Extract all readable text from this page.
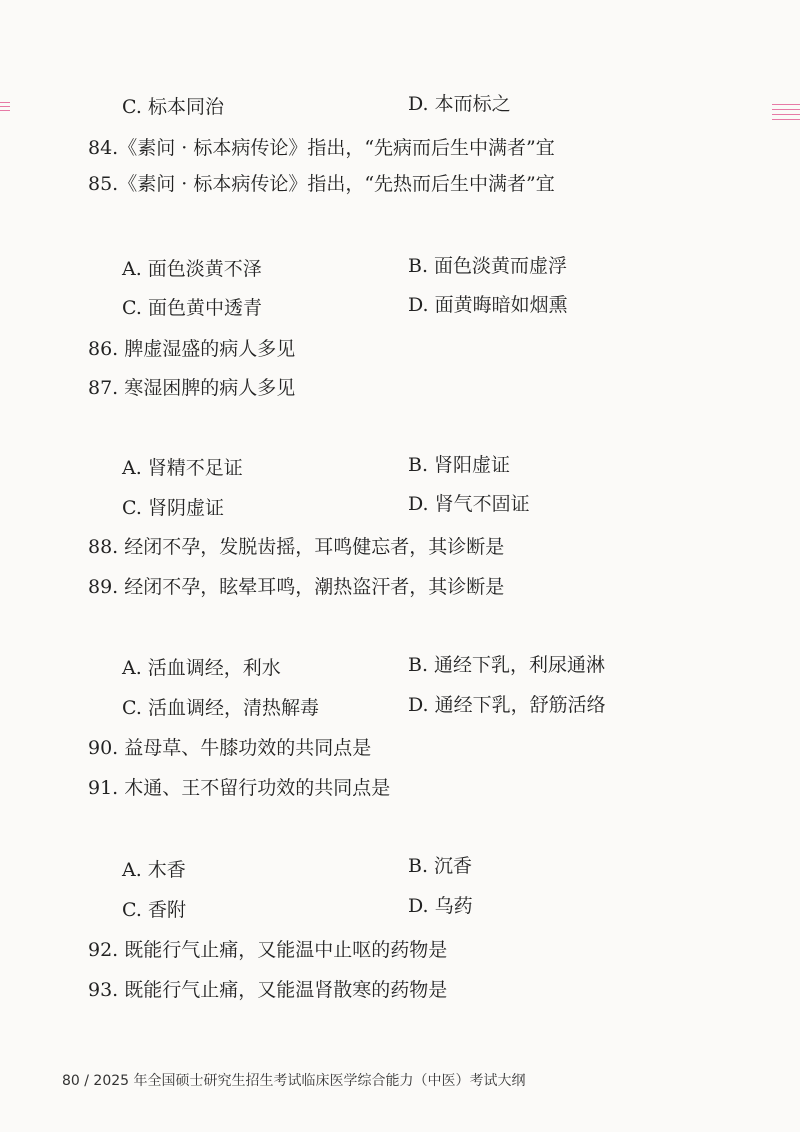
C. 标本同治	D. 本而标之
84.《素问 · 标本病传论》指出，“先病而后生中满者”宜
85.《素问 · 标本病传论》指出，“先热而后生中满者”宜
A. 面色淡黄不泽	B. 面色淡黄而虚浮
C. 面色黄中透青	D. 面黄晦暗如烟熏
86. 脾虚湿盛的病人多见
87. 寒湿困脾的病人多见
A. 肾精不足证	B. 肾阳虚证
C. 肾阴虚证	D. 肾气不固证
88. 经闭不孕，发脱齿摇，耳鸣健忘者，其诊断是
89. 经闭不孕，眩晕耳鸣，潮热盗汗者，其诊断是
A. 活血调经，利水	B. 通经下乳，利尿通淋
C. 活血调经，清热解毒	D. 通经下乳，舒筋活络
90. 益母草、牛膝功效的共同点是
91. 木通、王不留行功效的共同点是
A. 木香	B. 沉香
C. 香附	D. 乌药
92. 既能行气止痛，又能温中止呕的药物是
93. 既能行气止痛，又能温肾散寒的药物是
80 / 2025 年全国硕士研究生招生考试临床医学综合能力（中医）考试大纲
